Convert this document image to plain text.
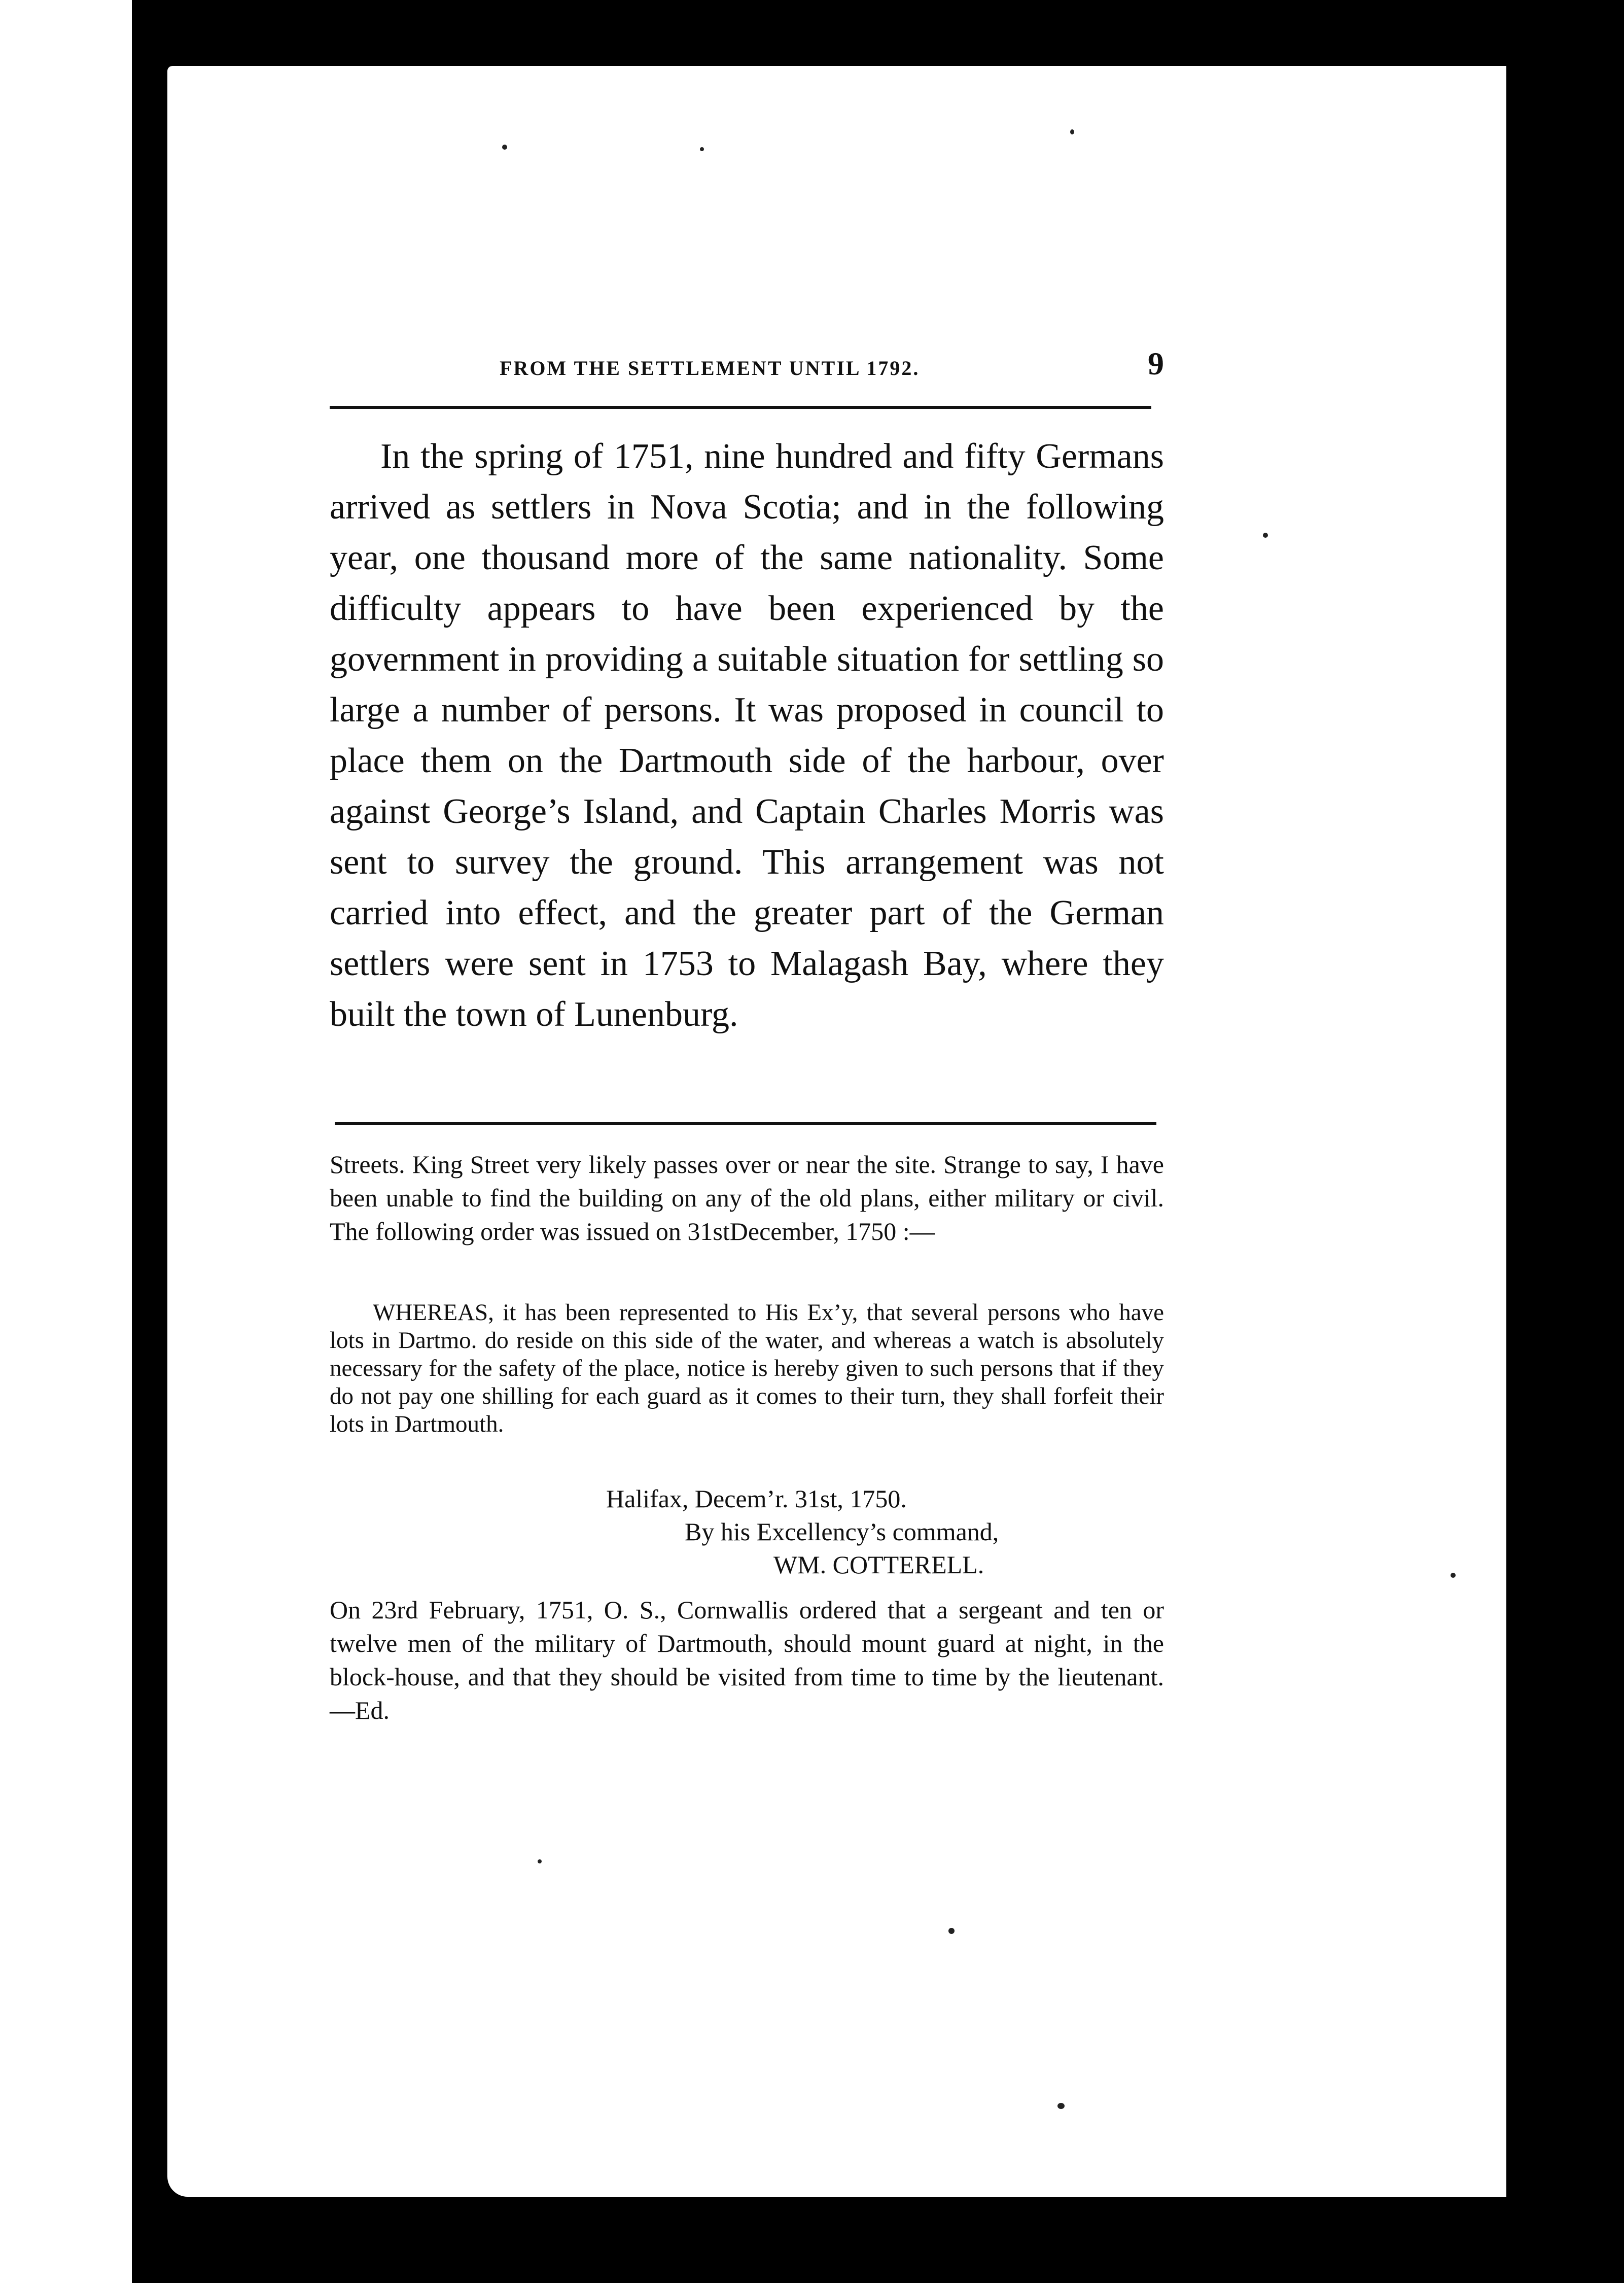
FROM THE SETTLEMENT UNTIL 1792.	9

In the spring of 1751, nine hundred and fifty Germans arrived as settlers in Nova Scotia; and in the following year, one thousand more of the same nationality. Some difficulty appears to have been experienced by the government in providing a suitable situation for settling so large a number of persons. It was proposed in council to place them on the Dartmouth side of the harbour, over against George’s Island, and Captain Charles Morris was sent to survey the ground. This arrangement was not carried into effect, and the greater part of the German settlers were sent in 1753 to Malagash Bay, where they built the town of Lunenburg.

Streets. King Street very likely passes over or near the site. Strange to say, I have been unable to find the building on any of the old plans, either military or civil. The following order was issued on 31stDecember, 1750 :—

WHEREAS, it has been represented to His Ex’y, that several persons who have lots in Dartmo. do reside on this side of the water, and whereas a watch is absolutely necessary for the safety of the place, notice is hereby given to such persons that if they do not pay one shilling for each guard as it comes to their turn, they shall forfeit their lots in Dartmouth.

Halifax, Decem’r. 31st, 1750.
By his Excellency’s command,
WM. COTTERELL.

On 23rd February, 1751, O. S., Cornwallis ordered that a sergeant and ten or twelve men of the military of Dartmouth, should mount guard at night, in the block-house, and that they should be visited from time to time by the lieutenant.—Ed.
